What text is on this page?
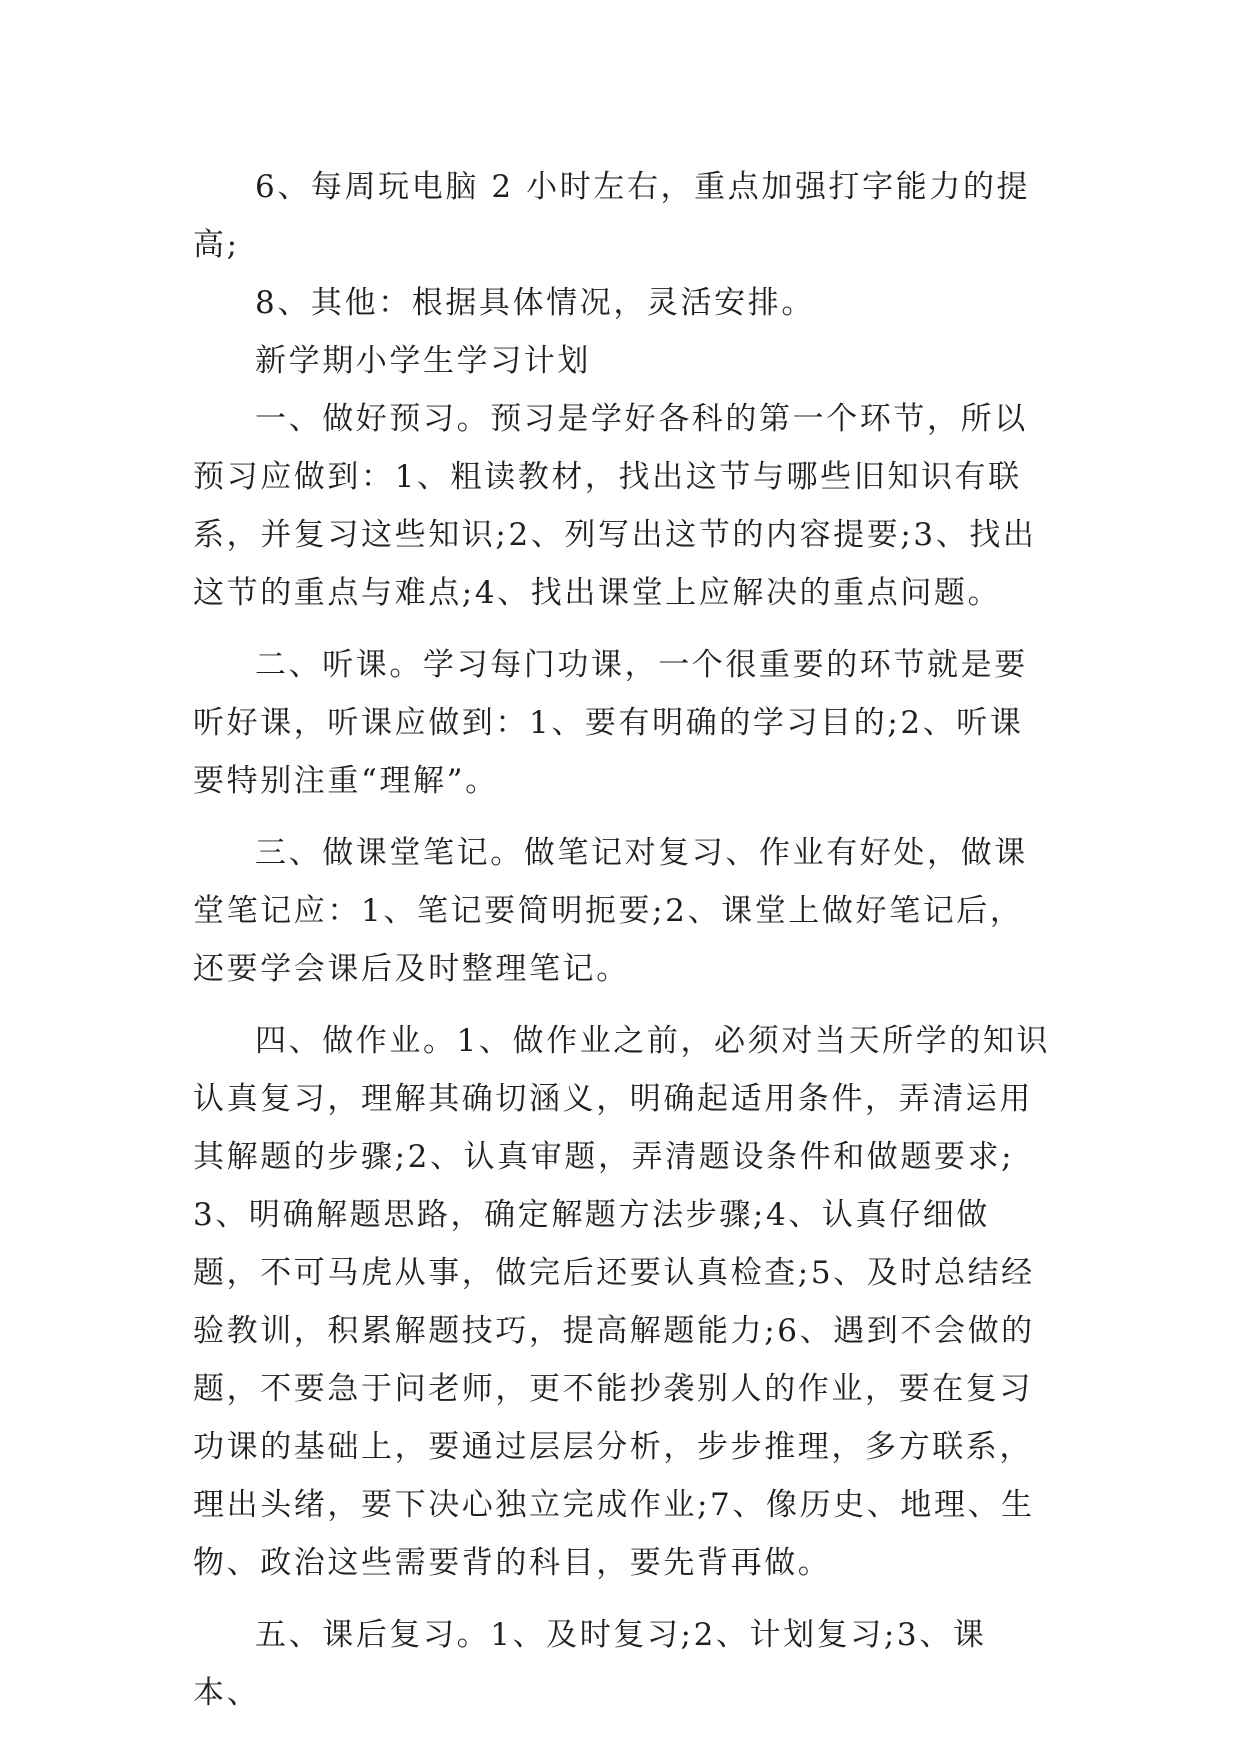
6、每周玩电脑 2 小时左右，重点加强打字能力的提高;

8、其他：根据具体情况，灵活安排。

新学期小学生学习计划

一、做好预习。预习是学好各科的第一个环节，所以预习应做到：1、粗读教材，找出这节与哪些旧知识有联系，并复习这些知识;2、列写出这节的内容提要;3、找出这节的重点与难点;4、找出课堂上应解决的重点问题。

二、听课。学习每门功课，一个很重要的环节就是要听好课，听课应做到：1、要有明确的学习目的;2、听课要特别注重“理解”。

三、做课堂笔记。做笔记对复习、作业有好处，做课堂笔记应：1、笔记要简明扼要;2、课堂上做好笔记后，还要学会课后及时整理笔记。

四、做作业。1、做作业之前，必须对当天所学的知识认真复习，理解其确切涵义，明确起适用条件，弄清运用其解题的步骤;2、认真审题，弄清题设条件和做题要求;3、明确解题思路，确定解题方法步骤;4、认真仔细做题，不可马虎从事，做完后还要认真检查;5、及时总结经验教训，积累解题技巧，提高解题能力;6、遇到不会做的题，不要急于问老师，更不能抄袭别人的作业，要在复习功课的基础上，要通过层层分析，步步推理，多方联系，理出头绪，要下决心独立完成作业;7、像历史、地理、生物、政治这些需要背的科目，要先背再做。

五、课后复习。1、及时复习;2、计划复习;3、课本、
